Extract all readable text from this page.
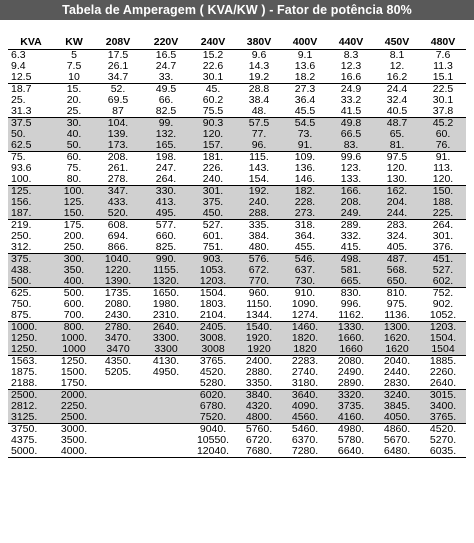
Tabela de Amperagem ( KVA/KW ) - Fator de potência 80%
KVA	KW	208V	220V	240V	380V	400V	440V	450V	480V
6.3	5	17.5	16.5	15.2	9.6	9.1	8.3	8.1	7.6
9.4	7.5	26.1	24.7	22.6	14.3	13.6	12.3	12.	11.3
12.5	10	34.7	33.	30.1	19.2	18.2	16.6	16.2	15.1
18.7	15.	52.	49.5	45.	28.8	27.3	24.9	24.4	22.5
25.	20.	69.5	66.	60.2	38.4	36.4	33.2	32.4	30.1
31.3	25.	87	82.5	75.5	48.	45.5	41.5	40.5	37.8
37.5	30.	104.	99.	90.3	57.5	54.5	49.8	48.7	45.2
50.	40.	139.	132.	120.	77.	73.	66.5	65.	60.
62.5	50.	173.	165.	157.	96.	91.	83.	81.	76.
75.	60.	208.	198.	181.	115.	109.	99.6	97.5	91.
93.6	75.	261.	247.	226.	143.	136.	123.	120.	113.
100.	80.	278.	264.	240.	154.	146.	133.	130.	120.
125.	100.	347.	330.	301.	192.	182.	166.	162.	150.
156.	125.	433.	413.	375.	240.	228.	208.	204.	188.
187.	150.	520.	495.	450.	288.	273.	249.	244.	225.
219.	175.	608.	577.	527.	335.	318.	289.	283.	264.
250.	200.	694.	660.	601.	384.	364.	332.	324.	301.
312.	250.	866.	825.	751.	480.	455.	415.	405.	376.
375.	300.	1040.	990.	903.	576.	546.	498.	487.	451.
438.	350.	1220.	1155.	1053.	672.	637.	581.	568.	527.
500.	400.	1390.	1320.	1203.	770.	730.	665.	650.	602.
625.	500.	1735.	1650.	1504.	960.	910.	830.	810.	752.
750.	600.	2080.	1980.	1803.	1150.	1090.	996.	975.	902.
875.	700.	2430.	2310.	2104.	1344.	1274.	1162.	1136.	1052.
1000.	800.	2780.	2640.	2405.	1540.	1460.	1330.	1300.	1203.
1250.	1000.	3470.	3300.	3008.	1920.	1820.	1660.	1620.	1504.
1250.	1000	3470	3300	3008	1920	1820	1660	1620	1504
1563.	1250.	4350.	4130.	3765.	2400.	2283.	2080.	2040.	1885.
1875.	1500.	5205.	4950.	4520.	2880.	2740.	2490.	2440.	2260.
2188.	1750.			5280.	3350.	3180.	2890.	2830.	2640.
2500.	2000.			6020.	3840.	3640.	3320.	3240.	3015.
2812.	2250.			6780.	4320.	4090.	3735.	3845.	3400.
3125.	2500.			7520.	4800.	4560.	4160.	4050.	3765.
3750.	3000.			9040.	5760.	5460.	4980.	4860.	4520.
4375.	3500.			10550.	6720.	6370.	5780.	5670.	5270.
5000.	4000.			12040.	7680.	7280.	6640.	6480.	6035.
